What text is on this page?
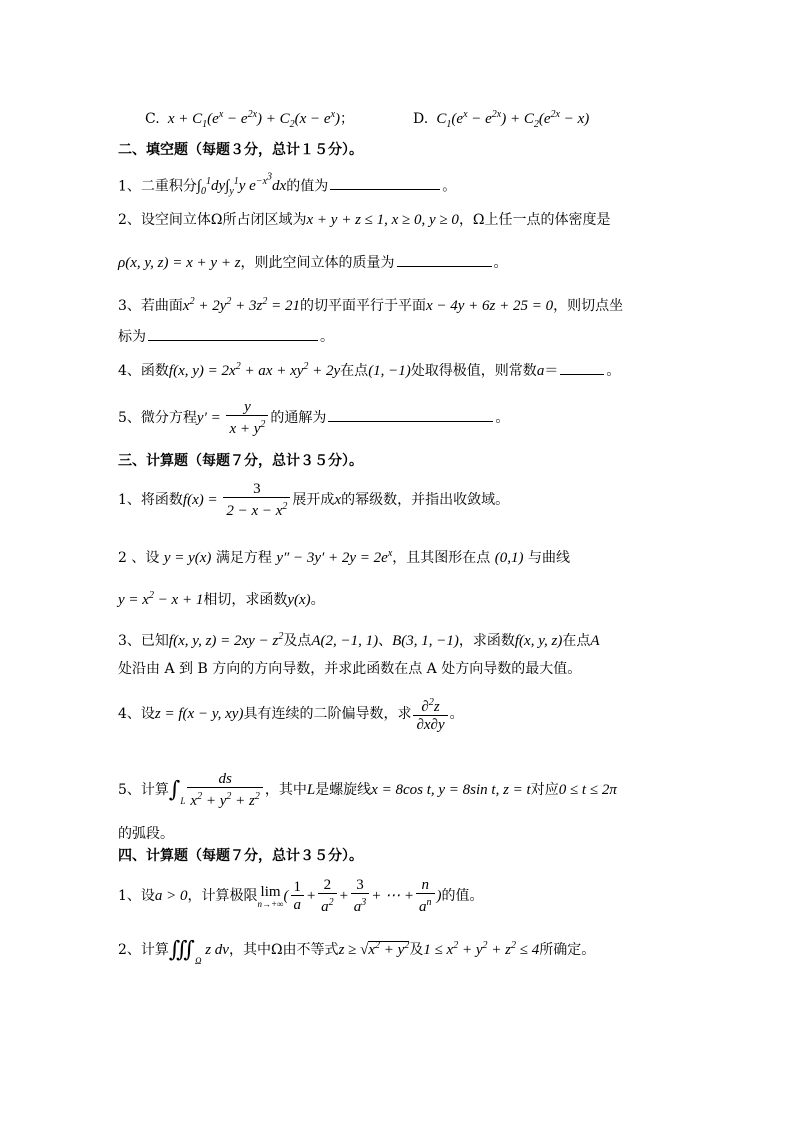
C.  $x + C_1(e^x - e^{2x}) + C_2(x - e^x)$；	D.  $C_1(e^x - e^{2x}) + C_2(e^{2x} - x)$
二、填空题（每题３分，总计１５分）。
1、二重积分$\int_0^1dy\int_y^1y$ $e^{-x^3}dx$的值为	。
2、设空间立体Ω所占闭区域为x + y + z ≤ 1, x ≥ 0, y ≥ 0，Ω上任一点的体密度是
ρ(x, y, z) = x + y + z，则此空间立体的质量为	。
3、若曲面$x^2 + 2y^2 + 3z^2 = 21$的切平面平行于平面x − 4y + 6z + 25 = 0，则切点坐
标为	。
4、函数f(x, $y) = 2x^2$ + ax + $xy^2 + 2y$在点(1, −1)处取得极值，则常数a＝	。
5、微分方程$y' = \frac{y}{x + y^2}$ 的通解为	。
三、计算题（每题７分，总计３５分）。
1、将函数$f(x) = \frac{3}{2 - x - x^2}$ 展开成x的幂级数，并指出收敛域。
2 、设 y = y(x) 满足方程 $y'' - 3y' + 2y = 2e^x$，且其图形在点 (0,1) 与曲线
$y = x^2 - x + 1$相切，求函数y(x)。
3、已知f(x, y, $z) = 2xy - z^2$及点A(2, −1, 1)、B(3, 1, −1)，求函数f(x, y, z)在点A
处沿由 A 到 B 方向的方向导数，并求此函数在点 A 处方向导数的最大值。
4、设z = f(x − y, xy)具有连续的二阶偏导数，求 $\frac{\partial^2z}{\partial x\partial y}$ 。
5、计算$\int_L \frac{ds}{x^2 + y^2 + z^2}$ ，其中L是螺旋线x = 8cos t, y = 8sin t, z = t对应0 ≤ t ≤ 2π
的弧段。
四、计算题（每题７分，总计３５分）。
1、设a > 0，计算极限 lim
n→+∞ ( $\frac{1}{a} + \frac{2}{a^2} + \frac{3}{a^3}$ + ⋯ + $\frac{n}{a^n}$ )的值。
2、计算$∭_\Omega$ z dv，其中Ω由不等式$z \ge √x^2 + y^2$及$1 \le x^2 + y^2 + z^2 \le 4$所确定。
